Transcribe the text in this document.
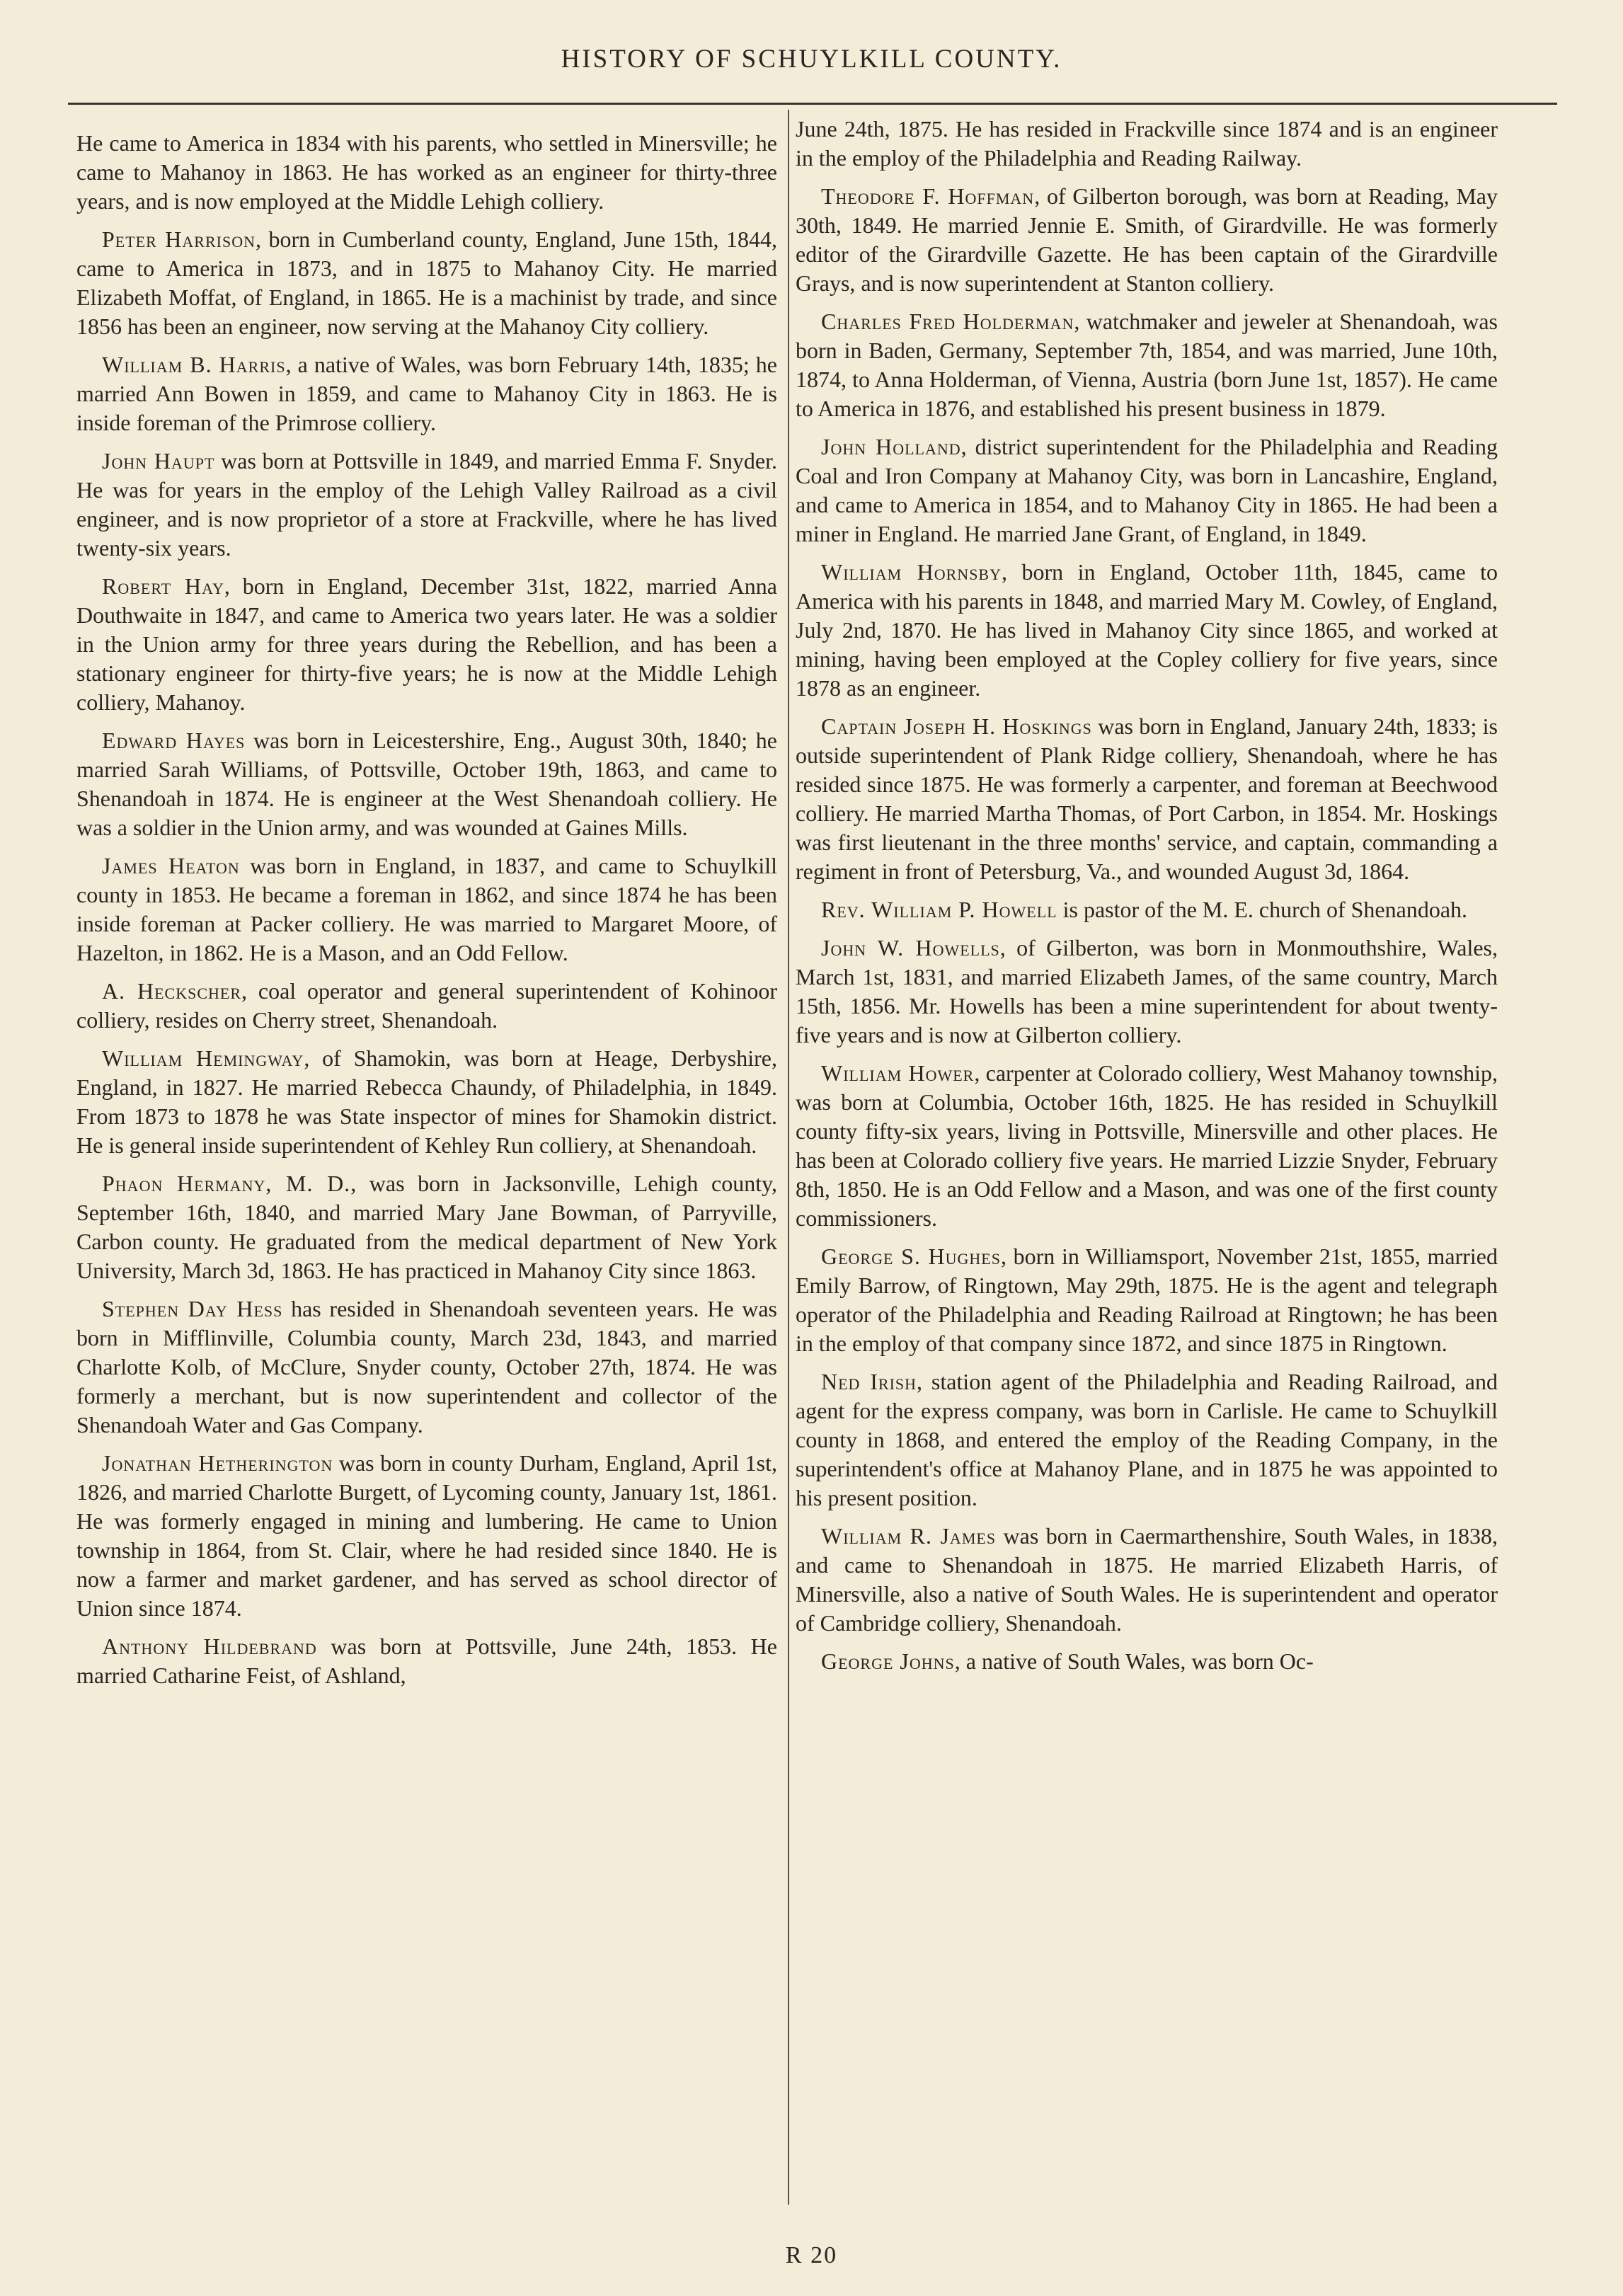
HISTORY OF SCHUYLKILL COUNTY.

He came to America in 1834 with his parents, who settled in Minersville; he came to Mahanoy in 1863. He has worked as an engineer for thirty-three years, and is now employed at the Middle Lehigh colliery.

Peter Harrison, born in Cumberland county, England, June 15th, 1844, came to America in 1873, and in 1875 to Mahanoy City. He married Elizabeth Moffat, of England, in 1865. He is a machinist by trade, and since 1856 has been an engineer, now serving at the Mahanoy City colliery.

William B. Harris, a native of Wales, was born February 14th, 1835; he married Ann Bowen in 1859, and came to Mahanoy City in 1863. He is inside foreman of the Primrose colliery.

John Haupt was born at Pottsville in 1849, and married Emma F. Snyder. He was for years in the employ of the Lehigh Valley Railroad as a civil engineer, and is now proprietor of a store at Frackville, where he has lived twenty-six years.

Robert Hay, born in England, December 31st, 1822, married Anna Douthwaite in 1847, and came to America two years later. He was a soldier in the Union army for three years during the Rebellion, and has been a stationary engineer for thirty-five years; he is now at the Middle Lehigh colliery, Mahanoy.

Edward Hayes was born in Leicestershire, Eng., August 30th, 1840; he married Sarah Williams, of Pottsville, October 19th, 1863, and came to Shenandoah in 1874. He is engineer at the West Shenandoah colliery. He was a soldier in the Union army, and was wounded at Gaines Mills.

James Heaton was born in England, in 1837, and came to Schuylkill county in 1853. He became a foreman in 1862, and since 1874 he has been inside foreman at Packer colliery. He was married to Margaret Moore, of Hazelton, in 1862. He is a Mason, and an Odd Fellow.

A. Heckscher, coal operator and general superintendent of Kohinoor colliery, resides on Cherry street, Shenandoah.

William Hemingway, of Shamokin, was born at Heage, Derbyshire, England, in 1827. He married Rebecca Chaundy, of Philadelphia, in 1849. From 1873 to 1878 he was State inspector of mines for Shamokin district. He is general inside superintendent of Kehley Run colliery, at Shenandoah.

Phaon Hermany, M. D., was born in Jacksonville, Lehigh county, September 16th, 1840, and married Mary Jane Bowman, of Parryville, Carbon county. He graduated from the medical department of New York University, March 3d, 1863. He has practiced in Mahanoy City since 1863.

Stephen Day Hess has resided in Shenandoah seventeen years. He was born in Mifflinville, Columbia county, March 23d, 1843, and married Charlotte Kolb, of McClure, Snyder county, October 27th, 1874. He was formerly a merchant, but is now superintendent and collector of the Shenandoah Water and Gas Company.

Jonathan Hetherington was born in county Durham, England, April 1st, 1826, and married Charlotte Burgett, of Lycoming county, January 1st, 1861. He was formerly engaged in mining and lumbering. He came to Union township in 1864, from St. Clair, where he had resided since 1840. He is now a farmer and market gardener, and has served as school director of Union since 1874.

Anthony Hildebrand was born at Pottsville, June 24th, 1853. He married Catharine Feist, of Ashland,

June 24th, 1875. He has resided in Frackville since 1874 and is an engineer in the employ of the Philadelphia and Reading Railway.

Theodore F. Hoffman, of Gilberton borough, was born at Reading, May 30th, 1849. He married Jennie E. Smith, of Girardville. He was formerly editor of the Girardville Gazette. He has been captain of the Girardville Grays, and is now superintendent at Stanton colliery.

Charles Fred Holderman, watchmaker and jeweler at Shenandoah, was born in Baden, Germany, September 7th, 1854, and was married, June 10th, 1874, to Anna Holderman, of Vienna, Austria (born June 1st, 1857). He came to America in 1876, and established his present business in 1879.

John Holland, district superintendent for the Philadelphia and Reading Coal and Iron Company at Mahanoy City, was born in Lancashire, England, and came to America in 1854, and to Mahanoy City in 1865. He had been a miner in England. He married Jane Grant, of England, in 1849.

William Hornsby, born in England, October 11th, 1845, came to America with his parents in 1848, and married Mary M. Cowley, of England, July 2nd, 1870. He has lived in Mahanoy City since 1865, and worked at mining, having been employed at the Copley colliery for five years, since 1878 as an engineer.

Captain Joseph H. Hoskings was born in England, January 24th, 1833; is outside superintendent of Plank Ridge colliery, Shenandoah, where he has resided since 1875. He was formerly a carpenter, and foreman at Beechwood colliery. He married Martha Thomas, of Port Carbon, in 1854. Mr. Hoskings was first lieutenant in the three months' service, and captain, commanding a regiment in front of Petersburg, Va., and wounded August 3d, 1864.

Rev. William P. Howell is pastor of the M. E. church of Shenandoah.

John W. Howells, of Gilberton, was born in Monmouthshire, Wales, March 1st, 1831, and married Elizabeth James, of the same country, March 15th, 1856. Mr. Howells has been a mine superintendent for about twenty-five years and is now at Gilberton colliery.

William Hower, carpenter at Colorado colliery, West Mahanoy township, was born at Columbia, October 16th, 1825. He has resided in Schuylkill county fifty-six years, living in Pottsville, Minersville and other places. He has been at Colorado colliery five years. He married Lizzie Snyder, February 8th, 1850. He is an Odd Fellow and a Mason, and was one of the first county commissioners.

George S. Hughes, born in Williamsport, November 21st, 1855, married Emily Barrow, of Ringtown, May 29th, 1875. He is the agent and telegraph operator of the Philadelphia and Reading Railroad at Ringtown; he has been in the employ of that company since 1872, and since 1875 in Ringtown.

Ned Irish, station agent of the Philadelphia and Reading Railroad, and agent for the express company, was born in Carlisle. He came to Schuylkill county in 1868, and entered the employ of the Reading Company, in the superintendent's office at Mahanoy Plane, and in 1875 he was appointed to his present position.

William R. James was born in Caermarthenshire, South Wales, in 1838, and came to Shenandoah in 1875. He married Elizabeth Harris, of Minersville, also a native of South Wales. He is superintendent and operator of Cambridge colliery, Shenandoah.

George Johns, a native of South Wales, was born Oc-

R 20
